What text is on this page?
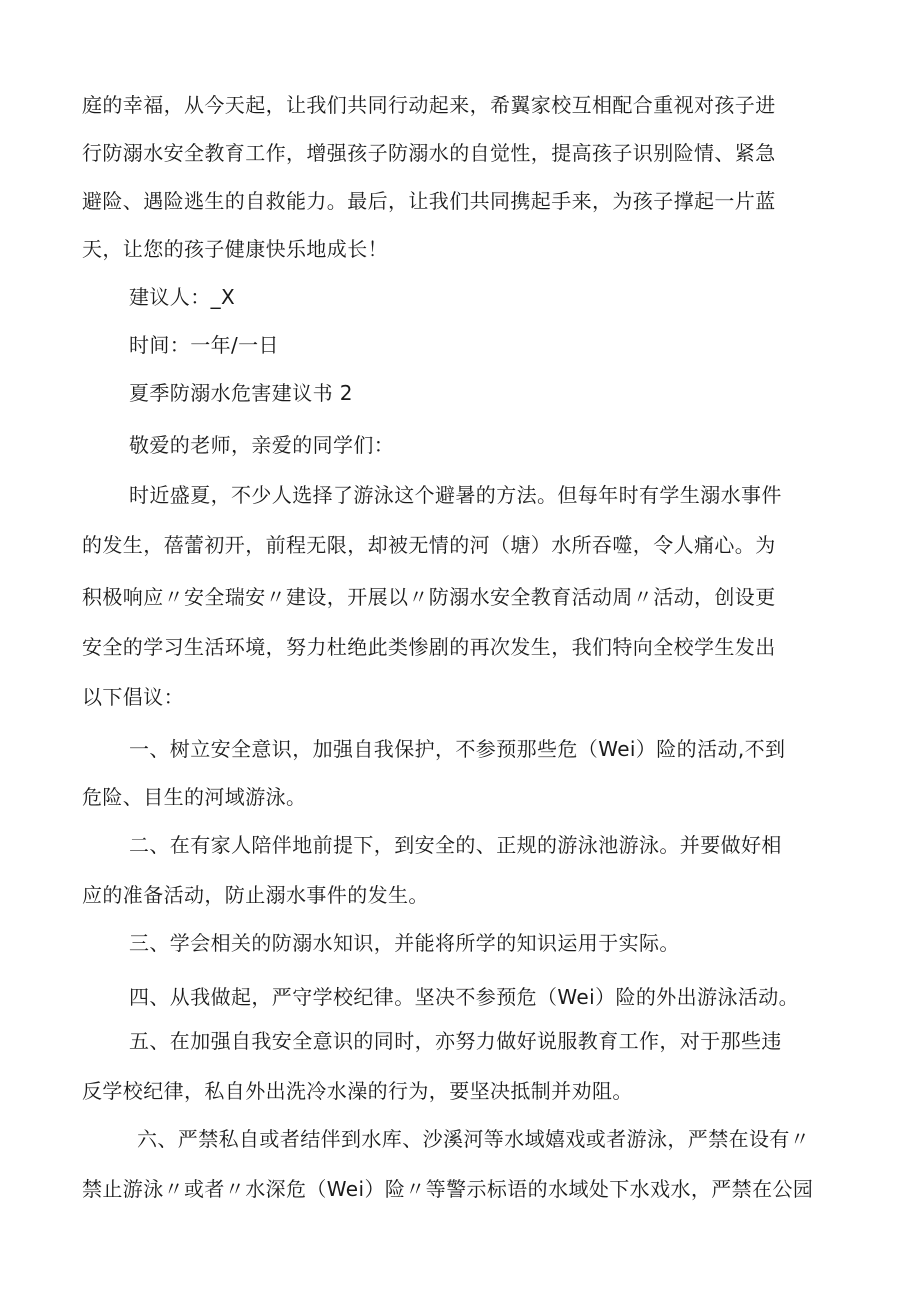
庭的幸福，从今天起，让我们共同行动起来，希翼家校互相配合重视对孩子进
行防溺水安全教育工作，增强孩子防溺水的自觉性，提高孩子识别险情、紧急
避险、遇险逃生的自救能力。最后，让我们共同携起手来，为孩子撑起一片蓝
天，让您的孩子健康快乐地成长！
建议人：_X
时间：一年/一日
夏季防溺水危害建议书 2
敬爱的老师，亲爱的同学们：
时近盛夏，不少人选择了游泳这个避暑的方法。但每年时有学生溺水事件
的发生，蓓蕾初开，前程无限，却被无情的河（塘）水所吞噬，令人痛心。为
积极响应〃安全瑞安〃建设，开展以〃防溺水安全教育活动周〃活动，创设更
安全的学习生活环境，努力杜绝此类惨剧的再次发生，我们特向全校学生发出
以下倡议：
一、树立安全意识，加强自我保护，不参预那些危（Wei）险的活动,不到
危险、目生的河域游泳。
二、在有家人陪伴地前提下，到安全的、正规的游泳池游泳。并要做好相
应的准备活动，防止溺水事件的发生。
三、学会相关的防溺水知识，并能将所学的知识运用于实际。
四、从我做起，严守学校纪律。坚决不参预危（Wei）险的外出游泳活动。
五、在加强自我安全意识的同时，亦努力做好说服教育工作，对于那些违
反学校纪律，私自外出洗冷水澡的行为，要坚决抵制并劝阻。
六、严禁私自或者结伴到水库、沙溪河等水域嬉戏或者游泳，严禁在设有〃
禁止游泳〃或者〃水深危（Wei）险〃等警示标语的水域处下水戏水，严禁在公园
